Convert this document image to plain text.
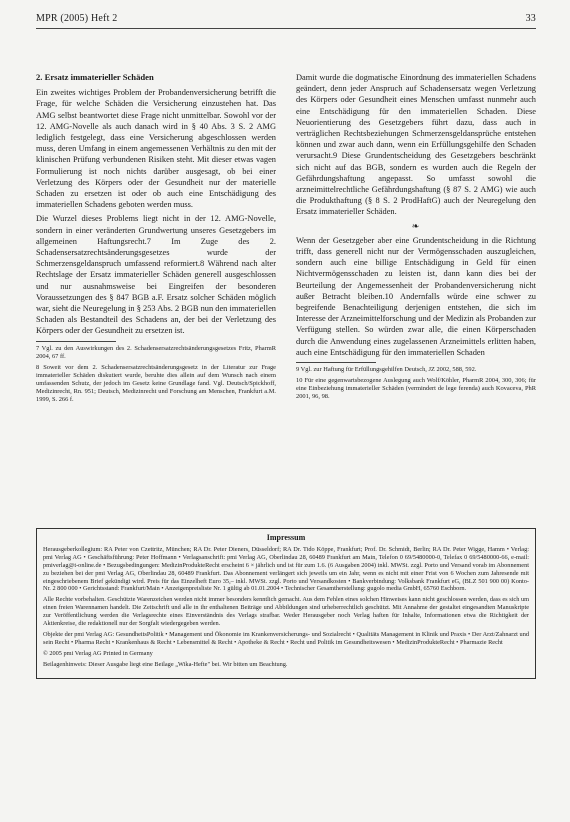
MPR (2005) Heft 2	33
2. Ersatz immaterieller Schäden

Ein zweites wichtiges Problem der Probandenversicherung betrifft die Frage, für welche Schäden die Versicherung einzustehen hat. Das AMG selbst beantwortet diese Frage nicht unmittelbar. Sowohl vor der 12. AMG-Novelle als auch danach wird in § 40 Abs. 3 S. 2 AMG lediglich festgelegt, dass eine Versicherung abgeschlossen werden muss, deren Umfang in einem angemessenen Verhältnis zu den mit der klinischen Prüfung verbundenen Risiken steht. Mit dieser etwas vagen Formulierung ist noch nichts darüber ausgesagt, ob bei einer Verletzung des Körpers oder der Gesundheit nur der materielle Schaden zu ersetzen ist oder ob auch eine Entschädigung des immateriellen Schadens geboten werden muss.

Die Wurzel dieses Problems liegt nicht in der 12. AMG-Novelle, sondern in einer veränderten Grundwertung unseres Gesetzgebers im allgemeinen Haftungsrecht.7 Im Zuge des 2. Schadensersatzrechtsänderungsgesetzes wurde der Schmerzensgeldanspruch umfassend reformiert.8 Während nach alter Rechtslage der Ersatz immaterieller Schäden generell ausgeschlossen und nur ausnahmsweise bei Eingreifen der besonderen Voraussetzungen des § 847 BGB a.F. Ersatz solcher Schäden möglich war, sieht die Neuregelung in § 253 Abs. 2 BGB nun den immateriellen Schaden als Bestandteil des Schadens an, der bei der Verletzung des Körpers oder der Gesundheit zu ersetzen ist.

7 Vgl. zu den Auswirkungen des 2. Schadensersatzrechtsänderungsgesetzes Fritz, PharmR 2004, 67 ff.

8 Soweit vor dem 2. Schadensersatzrechtsänderungsgesetz in der Literatur zur Frage immaterieller Schäden diskutiert wurde, beruhte dies allein auf dem Wunsch nach einem umfassenden Schutz, der jedoch im Gesetz keine Grundlage fand. Vgl. Deutsch/Spickhoff, Medizinrecht, Rn. 951; Deutsch, Medizinrecht und Forschung am Menschen, Frankfurt a.M. 1999, S. 266 f.

Damit wurde die dogmatische Einordnung des immateriellen Schadens geändert, denn jeder Anspruch auf Schadensersatz wegen Verletzung des Körpers oder Gesundheit eines Menschen umfasst nunmehr auch eine Entschädigung für den immateriellen Schaden. Diese Neuorientierung des Gesetzgebers führt dazu, dass auch in verträglichen Rechtsbeziehungen Schmerzensgeldansprüche entstehen können und zwar auch dann, wenn ein Erfüllungsgehilfe den Schaden verursacht.9 Diese Grundentscheidung des Gesetzgebers beschränkt sich nicht auf das BGB, sondern es wurden auch die Regeln der Gefährdungshaftung angepasst. So umfasst sowohl die arzneimittelrechtliche Gefährdungshaftung (§ 87 S. 2 AMG) wie auch die Produkthaftung (§ 8 S. 2 ProdHaftG) auch der Neuregelung den Ersatz immaterieller Schäden.

❧

Wenn der Gesetzgeber aber eine Grundentscheidung in die Richtung trifft, dass generell nicht nur der Vermögensschaden auszugleichen, sondern auch eine billige Entschädigung in Geld für einen Nichtvermögensschaden zu leisten ist, dann kann dies bei der Beurteilung der Angemessenheit der Probandenversicherung nicht außer Betracht bleiben.10 Andernfalls würde eine schwer zu begreifende Benachteiligung derjenigen entstehen, die sich im Interesse der Arzneimittelforschung und der Medizin als Probanden zur Verfügung stellen. So würden zwar alle, die einen Körperschaden durch die Anwendung eines zugelassenen Arzneimittels erlitten haben, auch eine Entschädigung für den immateriellen Schaden

9 Vgl. zur Haftung für Erfüllungsgehilfen Deutsch, JZ 2002, 588, 592.

10 Für eine gegenwartsbezogene Auslegung auch Wolf/Köhler, PharmR 2004, 300, 306; für eine Einbeziehung immaterieller Schäden (vermindert de lege ferenda) auch Kovaceva, PhR 2001, 96, 98.

Impressum

Herausgeberkollegium: RA Peter von Czettritz, München; RA Dr. Peter Dieners, Düsseldorf; RA Dr. Tido Köppe, Frankfurt; Prof. Dr. Schmidt, Berlin; RA Dr. Peter Wigge, Hamm • Verlag: pmi Verlag AG • Geschäftsführung: Peter Hoffmann • Verlagsanschrift: pmi Verlag AG, Oberlindau 28, 60489 Frankfurt am Main, Telefon 0 69/5480000-0, Telefax 0 69/5480000-66, e-mail: pmiverlag@t-online.de • Bezugsbedingungen: MedizinProdukteRecht erscheint 6 × jährlich und ist für zum 1.6. (6 Ausgaben 2004) inkl. MWSt. zzgl. Porto und Versand vorab im Abonnement zu beziehen bei der pmi Verlag AG, Oberlindau 28, 60489 Frankfurt. Das Abonnement verlängert sich jeweils um ein Jahr, wenn es nicht mit einer Frist von 6 Wochen zum Jahresende mit eingeschriebenem Brief gekündigt wird. Preis für das Einzelheft Euro 35,– inkl. MWSt. zzgl. Porto und Versandkosten • Bankverbindung: Volksbank Frankfurt eG, (BLZ 501 900 00) Konto-Nr. 2 800 000 • Gerichtsstand: Frankfurt/Main • Anzeigenpreisliste Nr. 1 gültig ab 01.01.2004 • Technischer Gesamtherstellung: gugolo media GmbH, 65760 Eschborn.

Alle Rechte vorbehalten. Geschützte Warenzeichen werden nicht immer besonders kenntlich gemacht. Aus dem Fehlen eines solchen Hinweises kann nicht geschlossen werden, dass es sich um einen freien Warennamen handelt. Die Zeitschrift und alle in ihr enthaltenen Beiträge und Abbildungen sind urheberrechtlich geschützt. Mit Annahme der gestaltet eingesandten Manuskripte zur Veröffentlichung werden die Verlagsrechte eines Einverständnis des Verlags strafbar. Weder Herausgeber noch Verlag haften für Inhalte, Informationen etwa die Richtigkeit der Aktienkreise, die redaktionell nur der Sorgfalt wiedergegeben werden.

Objekte der pmi Verlag AG: GesundheitsPolitik • Management und Ökonomie im Krankenversicherungs- und Sozialrecht • Qualitäts Management in Klinik und Praxis • Der Arzt/Zahnarzt und sein Recht • Pharma Recht • Krankenhaus & Recht • Lebensmittel & Recht • Apotheke & Recht • Recht und Politik im Gesundheitswesen • MedizinProdukteRecht • Pharmazie Recht

© 2005 pmi Verlag AG Printed in Germany

Beilagenhinweis: Dieser Ausgabe liegt eine Beilage „Wika-Hefte" bei. Wir bitten um Beachtung.
